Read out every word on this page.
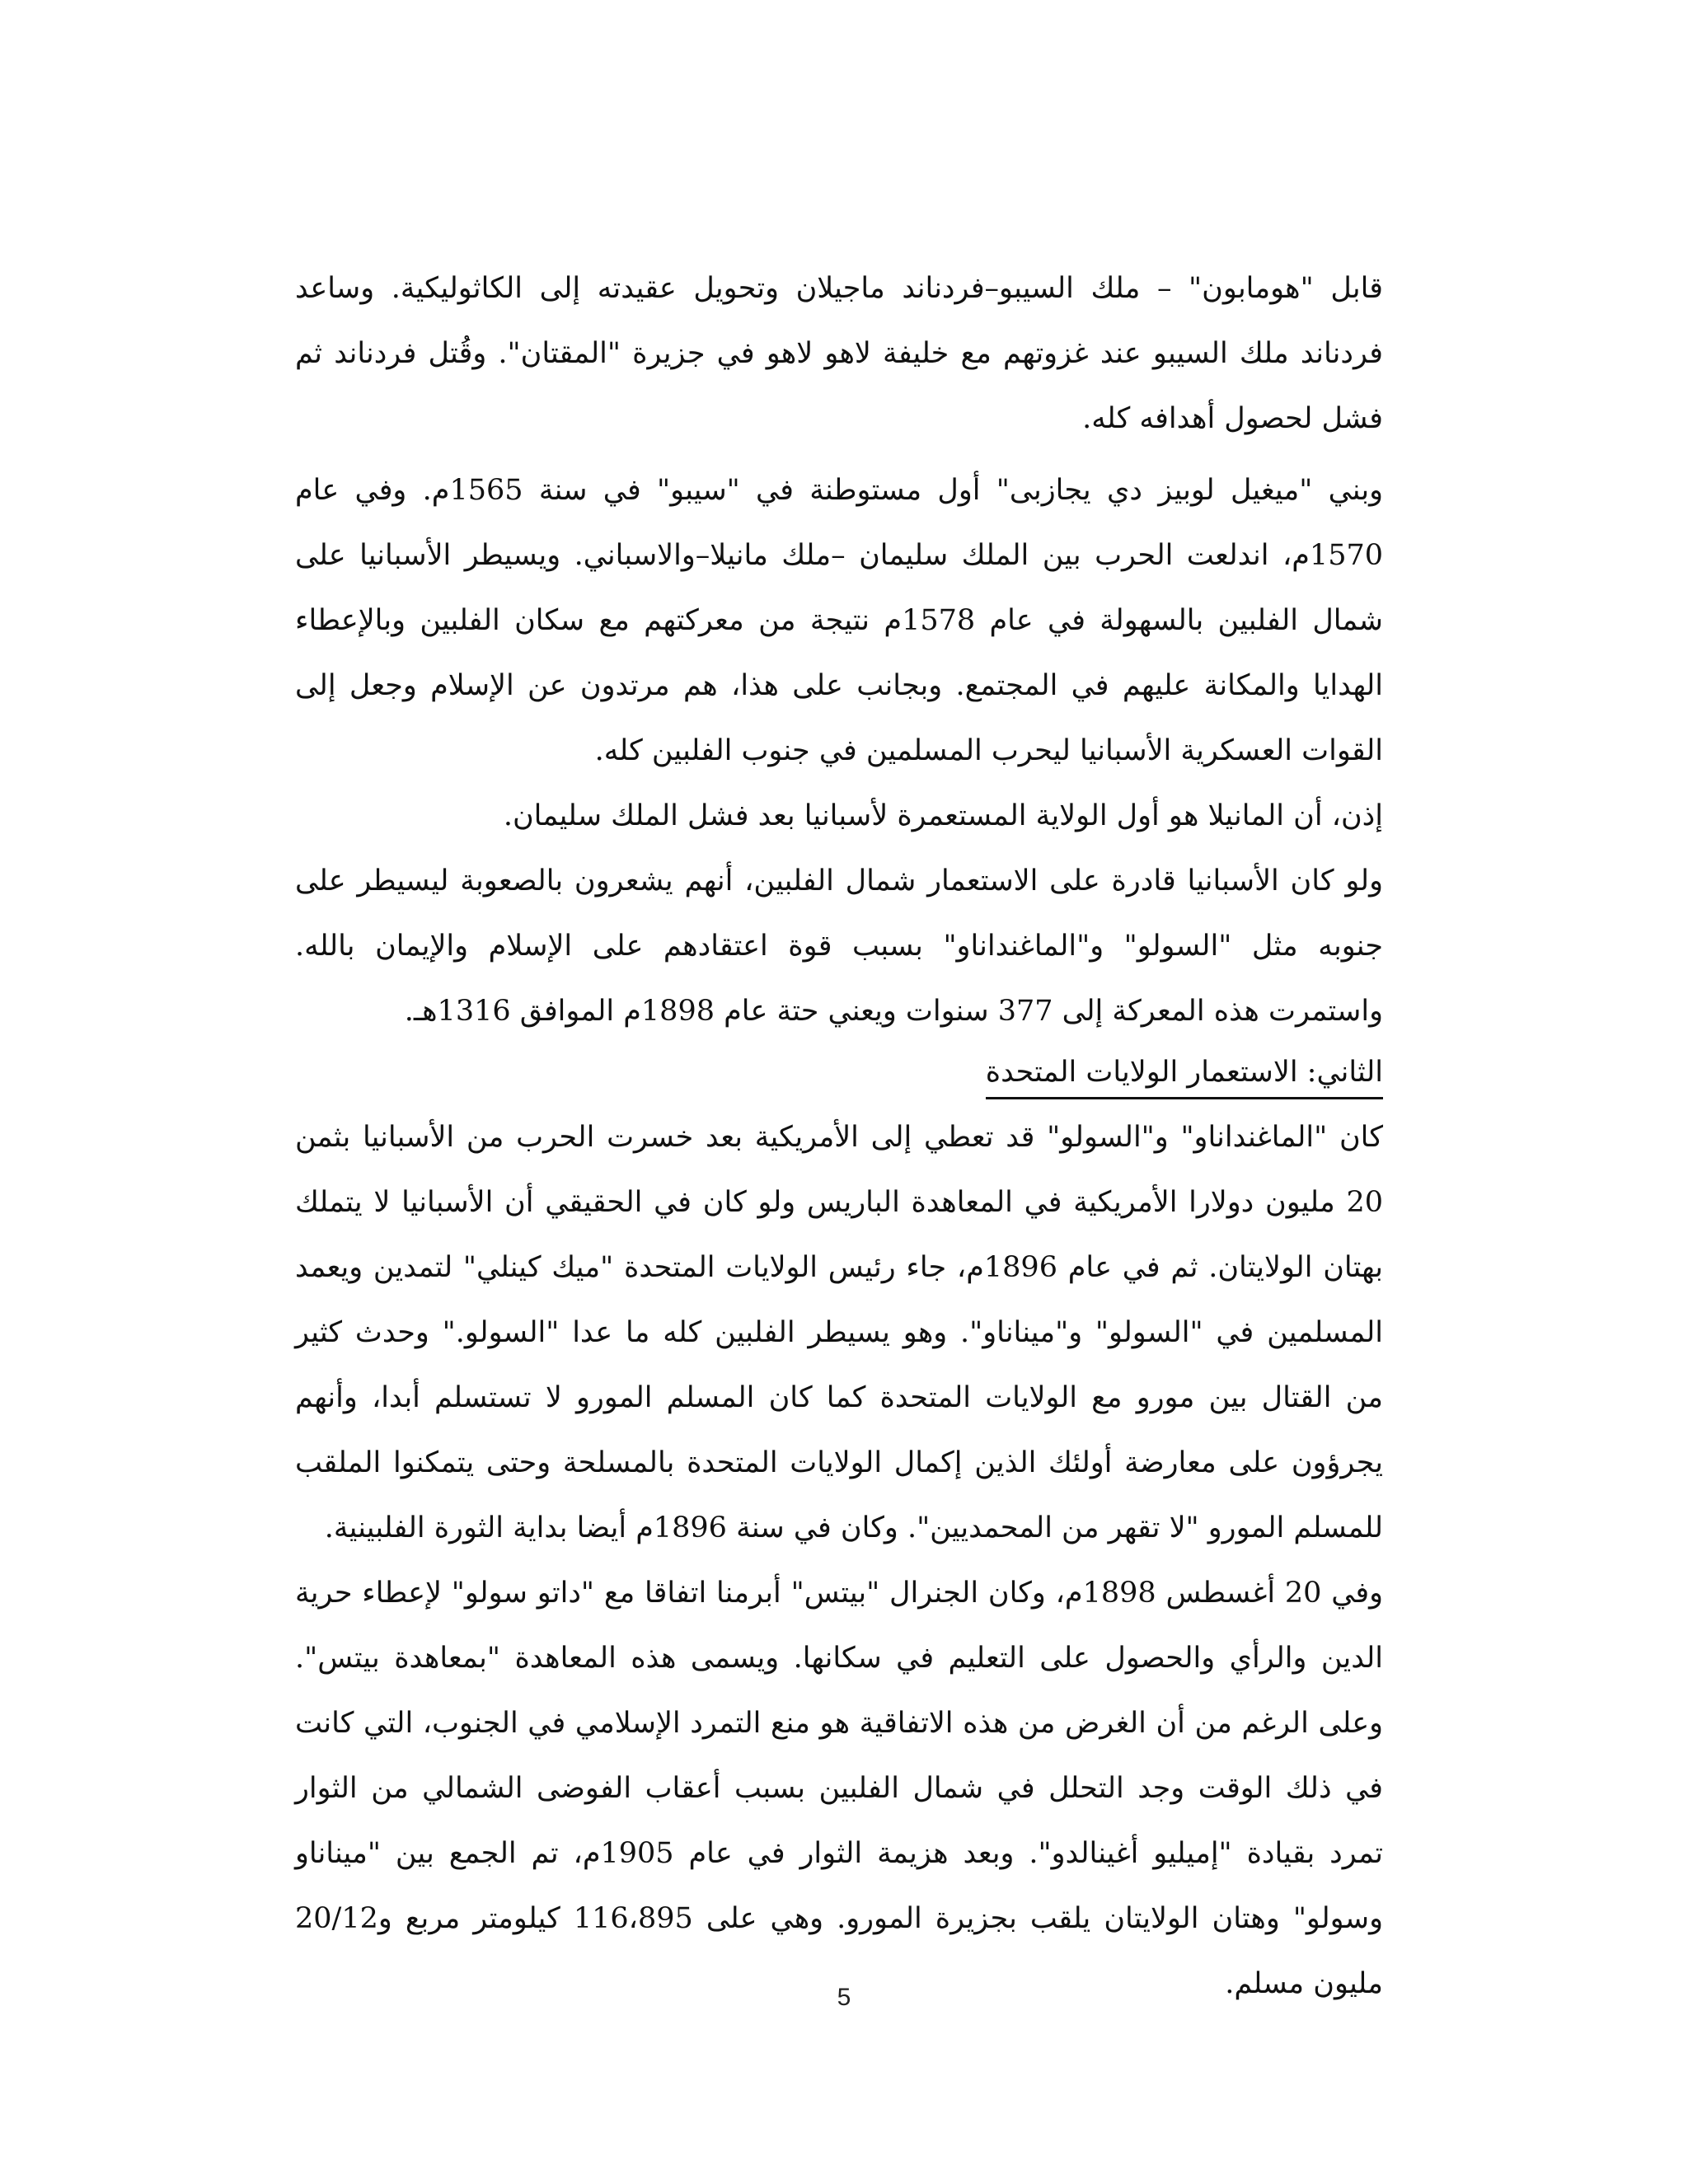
قابل "هومابون" – ملك السيبو–فردناند ماجيلان وتحويل عقيدته إلى الكاثوليكية. وساعد فردناند ملك السيبو عند غزوتهم مع خليفة لاهو لاهو في جزيرة "المقتان". وقُتل فردناند ثم فشل لحصول أهدافه كله.

وبني "ميغيل لوبيز دي يجازبى" أول مستوطنة في "سيبو" في سنة 1565م. وفي عام 1570م، اندلعت الحرب بين الملك سليمان –ملك مانيلا–والاسباني. ويسيطر الأسبانيا على شمال الفلبين بالسهولة في عام 1578م نتيجة من معركتهم مع سكان الفلبين وبالإعطاء الهدايا والمكانة عليهم في المجتمع. وبجانب على هذا، هم مرتدون عن الإسلام وجعل إلى القوات العسكرية الأسبانيا ليحرب المسلمين في جنوب الفلبين كله.

إذن، أن المانيلا هو أول الولاية المستعمرة لأسبانيا بعد فشل الملك سليمان.

ولو كان الأسبانيا قادرة على الاستعمار شمال الفلبين، أنهم يشعرون بالصعوبة ليسيطر على جنوبه مثل "السولو" و"الماغنداناو" بسبب قوة اعتقادهم على الإسلام والإيمان بالله. واستمرت هذه المعركة إلى 377 سنوات ويعني حتة عام 1898م الموافق 1316هـ.

الثاني: الاستعمار الولايات المتحدة

كان "الماغنداناو" و"السولو" قد تعطي إلى الأمريكية بعد خسرت الحرب من الأسبانيا بثمن 20 مليون دولارا الأمريكية في المعاهدة الباريس ولو كان في الحقيقي أن الأسبانيا لا يتملك بهتان الولايتان. ثم في عام 1896م، جاء رئيس الولايات المتحدة "ميك كينلي" لتمدين ويعمد المسلمين في "السولو" و"ميناناو". وهو يسيطر الفلبين كله ما عدا "السولو." وحدث كثير من القتال بين مورو مع الولايات المتحدة كما كان المسلم المورو لا تستسلم أبدا، وأنهم يجرؤون على معارضة أولئك الذين إكمال الولايات المتحدة بالمسلحة وحتى يتمكنوا الملقب للمسلم المورو "لا تقهر من المحمديين". وكان في سنة 1896م أيضا بداية الثورة الفلبينية.

وفي 20 أغسطس 1898م، وكان الجنرال "بيتس" أبرمنا اتفاقا مع "داتو سولو" لإعطاء حرية الدين والرأي والحصول على التعليم في سكانها. ويسمى هذه المعاهدة "بمعاهدة بيتس". وعلى الرغم من أن الغرض من هذه الاتفاقية هو منع التمرد الإسلامي في الجنوب، التي كانت في ذلك الوقت وجد التحلل في شمال الفلبين بسبب أعقاب الفوضى الشمالي من الثوار تمرد بقيادة "إميليو أغينالدو". وبعد هزيمة الثوار في عام 1905م، تم الجمع بين "ميناناو وسولو" وهتان الولايتان يلقب بجزيرة المورو. وهي على 116،895 كيلومتر مربع و20/12 مليون مسلم.

5
